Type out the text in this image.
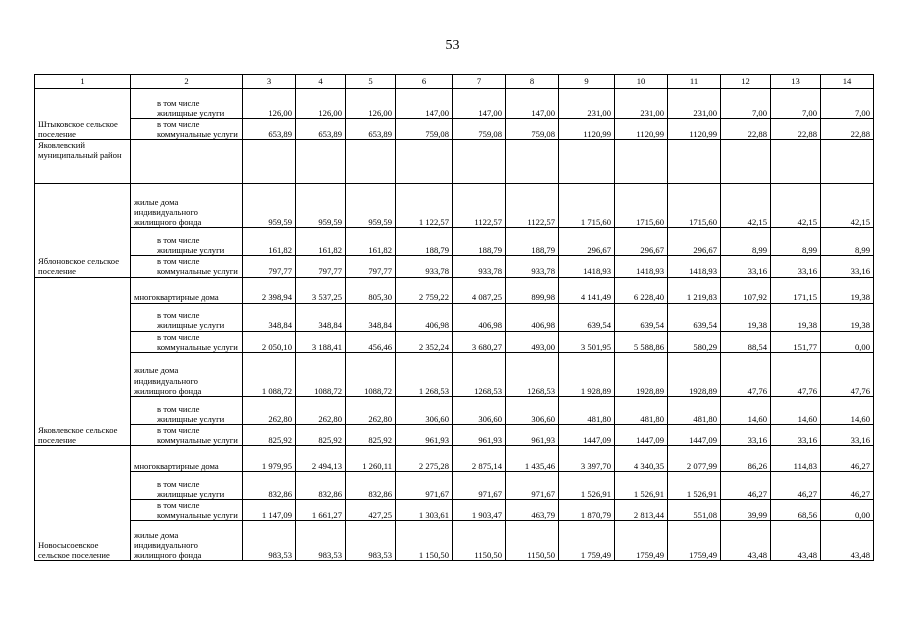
53
1	2	3	4	5	6	7	8	9	10	11	12	13	14
Штыковское сельское поселение	в том числе жилищные услуги	126,00	126,00	126,00	147,00	147,00	147,00	231,00	231,00	231,00	7,00	7,00	7,00

	в том числе коммунальные услуги	653,89	653,89	653,89	759,08	759,08	759,08	1120,99	1120,99	1120,99	22,88	22,88	22,88
Яковлевский муниципальный район													
Яблоновское сельское поселение	жилые дома индивидуального жилищного фонда	959,59	959,59	959,59	1 122,57	1122,57	1122,57	1 715,60	1715,60	1715,60	42,15	42,15	42,15

	в том числе жилищные услуги	161,82	161,82	161,82	188,79	188,79	188,79	296,67	296,67	296,67	8,99	8,99	8,99

	в том числе коммунальные услуги	797,77	797,77	797,77	933,78	933,78	933,78	1418,93	1418,93	1418,93	33,16	33,16	33,16
Яковлевское сельское поселение	многоквартирные дома	2 398,94	3 537,25	805,30	2 759,22	4 087,25	899,98	4 141,49	6 228,40	1 219,83	107,92	171,15	19,38

	в том числе жилищные услуги	348,84	348,84	348,84	406,98	406,98	406,98	639,54	639,54	639,54	19,38	19,38	19,38

	в том числе коммунальные услуги	2 050,10	3 188,41	456,46	2 352,24	3 680,27	493,00	3 501,95	5 588,86	580,29	88,54	151,77	0,00
	жилые дома индивидуального жилищного фонда	1 088,72	1088,72	1088,72	1 268,53	1268,53	1268,53	1 928,89	1928,89	1928,89	47,76	47,76	47,76

	в том числе жилищные услуги	262,80	262,80	262,80	306,60	306,60	306,60	481,80	481,80	481,80	14,60	14,60	14,60

	в том числе коммунальные услуги	825,92	825,92	825,92	961,93	961,93	961,93	1447,09	1447,09	1447,09	33,16	33,16	33,16
Новосысоевское сельское поселение	многоквартирные дома	1 979,95	2 494,13	1 260,11	2 275,28	2 875,14	1 435,46	3 397,70	4 340,35	2 077,99	86,26	114,83	46,27

	в том числе жилищные услуги	832,86	832,86	832,86	971,67	971,67	971,67	1 526,91	1 526,91	1 526,91	46,27	46,27	46,27

	в том числе коммунальные услуги	1 147,09	1 661,27	427,25	1 303,61	1 903,47	463,79	1 870,79	2 813,44	551,08	39,99	68,56	0,00
	жилые дома индивидуального жилищного фонда	983,53	983,53	983,53	1 150,50	1150,50	1150,50	1 759,49	1759,49	1759,49	43,48	43,48	43,48
